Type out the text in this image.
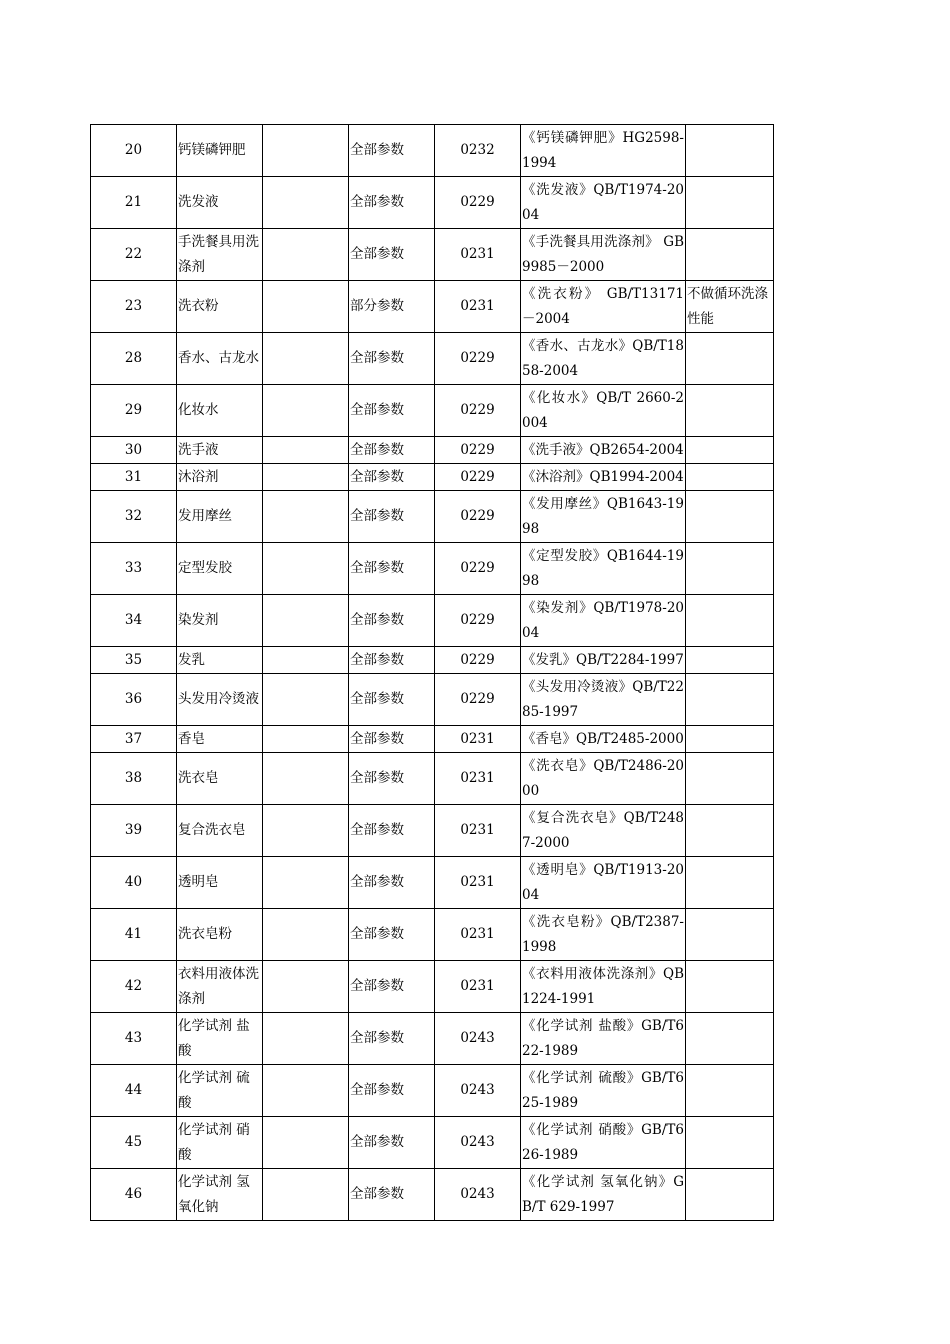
20	钙镁磷钾肥		全部参数	0232	《钙镁磷钾肥》HG2598-1994	
21	洗发液		全部参数	0229	《洗发液》QB/T1974-2004	
22	手洗餐具用洗涤剂		全部参数	0231	《手洗餐具用洗涤剂》 GB9985－2000	
23	洗衣粉		部分参数	0231	《洗衣粉》 GB/T13171－2004	不做循环洗涤性能
28	香水、古龙水		全部参数	0229	《香水、古龙水》QB/T1858-2004	
29	化妆水		全部参数	0229	《化妆水》QB/T 2660-2004	
30	洗手液		全部参数	0229	《洗手液》QB2654-2004	
31	沐浴剂		全部参数	0229	《沐浴剂》QB1994-2004	
32	发用摩丝		全部参数	0229	《发用摩丝》QB1643-1998	
33	定型发胶		全部参数	0229	《定型发胶》QB1644-1998	
34	染发剂		全部参数	0229	《染发剂》QB/T1978-2004	
35	发乳		全部参数	0229	《发乳》QB/T2284-1997	
36	头发用冷烫液		全部参数	0229	《头发用冷烫液》QB/T2285-1997	
37	香皂		全部参数	0231	《香皂》QB/T2485-2000	
38	洗衣皂		全部参数	0231	《洗衣皂》QB/T2486-2000	
39	复合洗衣皂		全部参数	0231	《复合洗衣皂》QB/T2487-2000	
40	透明皂		全部参数	0231	《透明皂》QB/T1913-2004	
41	洗衣皂粉		全部参数	0231	《洗衣皂粉》QB/T2387-1998	
42	衣料用液体洗涤剂		全部参数	0231	《衣料用液体洗涤剂》QB1224-1991	
43	化学试剂 盐酸		全部参数	0243	《化学试剂 盐酸》GB/T622-1989	
44	化学试剂 硫酸		全部参数	0243	《化学试剂 硫酸》GB/T625-1989	
45	化学试剂 硝酸		全部参数	0243	《化学试剂 硝酸》GB/T626-1989	
46	化学试剂 氢氧化钠		全部参数	0243	《化学试剂 氢氧化钠》GB/T 629-1997	
